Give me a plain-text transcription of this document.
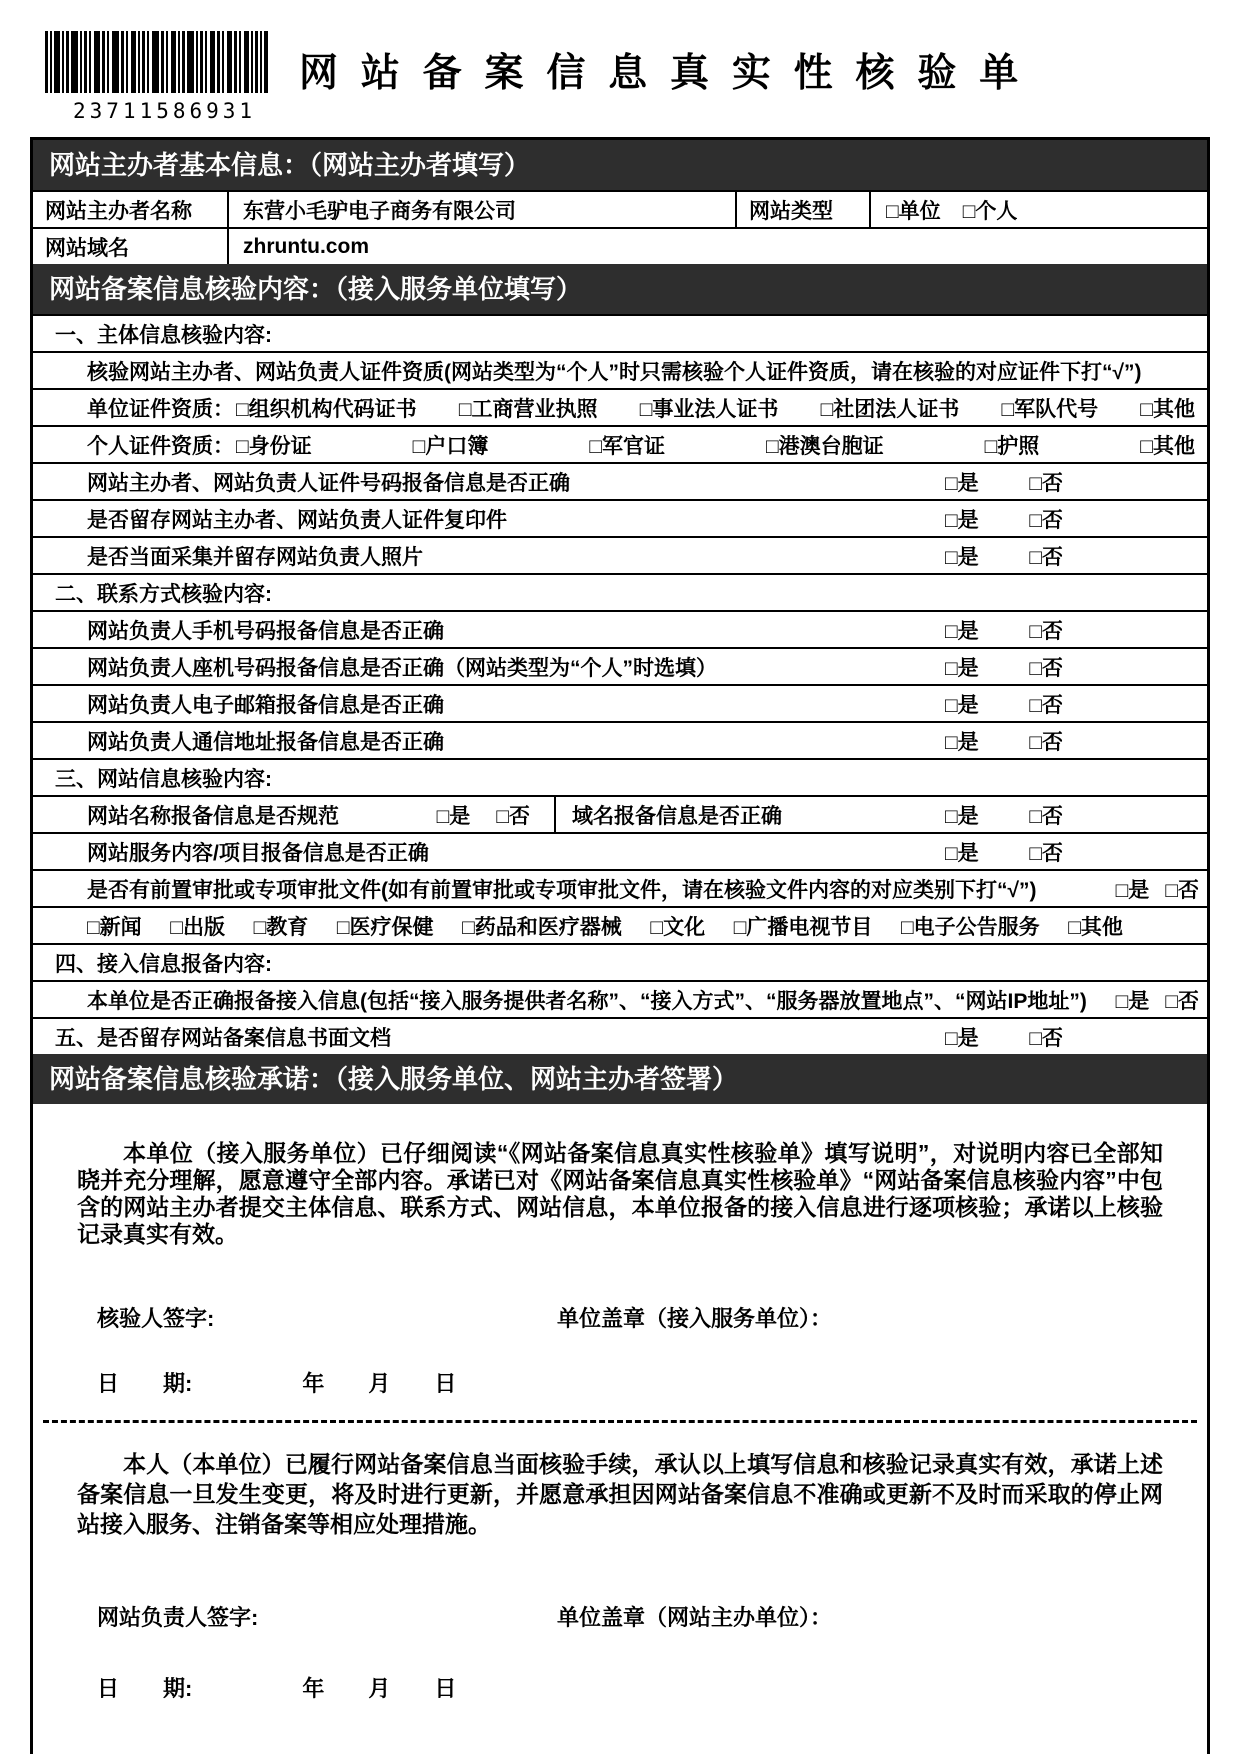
23711586931
网 站 备 案 信 息 真 实 性 核 验 单
网站主办者基本信息：（网站主办者填写）
网站主办者名称	东营小毛驴电子商务有限公司	网站类型	□单位 □个人
网站域名	zhruntu.com
网站备案信息核验内容：（接入服务单位填写）
一、主体信息核验内容:
核验网站主办者、网站负责人证件资质(网站类型为“个人”时只需核验个人证件资质，请在核验的对应证件下打“√”)
单位证件资质： □组织机构代码证书 □工商营业执照 □事业法人证书 □社团法人证书 □军队代号 □其他
个人证件资质： □身份证	□户口簿	□军官证	□港澳台胞证	□护照	□其他
网站主办者、网站负责人证件号码报备信息是否正确	□是 □否
是否留存网站主办者、网站负责人证件复印件	□是 □否
是否当面采集并留存网站负责人照片	□是 □否
二、联系方式核验内容:
网站负责人手机号码报备信息是否正确	□是 □否
网站负责人座机号码报备信息是否正确（网站类型为“个人”时选填）	□是 □否
网站负责人电子邮箱报备信息是否正确	□是 □否
网站负责人通信地址报备信息是否正确	□是 □否
三、网站信息核验内容:
网站名称报备信息是否规范	□是 □否 域名报备信息是否正确	□是 □否
网站服务内容/项目报备信息是否正确	□是 □否
是否有前置审批或专项审批文件(如有前置审批或专项审批文件，请在核验文件内容的对应类别下打“√”)	□是 □否
□新闻 □出版 □教育 □医疗保健 □药品和医疗器械 □文化 □广播电视节目 □电子公告服务 □其他
四、接入信息报备内容:
本单位是否正确报备接入信息(包括“接入服务提供者名称”、“接入方式”、“服务器放置地点”、“网站IP地址”) □是 □否
五、是否留存网站备案信息书面文档	□是 □否
网站备案信息核验承诺：（接入服务单位、网站主办者签署）

本单位（接入服务单位）已仔细阅读“《网站备案信息真实性核验单》填写说明”，对说明内容已全部知晓并充分理解，愿意遵守全部内容。承诺已对《网站备案信息真实性核验单》“网站备案信息核验内容”中包含的网站主办者提交主体信息、联系方式、网站信息，本单位报备的接入信息进行逐项核验；承诺以上核验记录真实有效。

核验人签字:	单位盖章（接入服务单位）：
日　　期:　　　　　年　　月　　日

本人（本单位）已履行网站备案信息当面核验手续，承认以上填写信息和核验记录真实有效，承诺上述备案信息一旦发生变更，将及时进行更新，并愿意承担因网站备案信息不准确或更新不及时而采取的停止网站接入服务、注销备案等相应处理措施。

网站负责人签字:	单位盖章（网站主办单位）：
日　　期:　　　　　年　　月　　日
